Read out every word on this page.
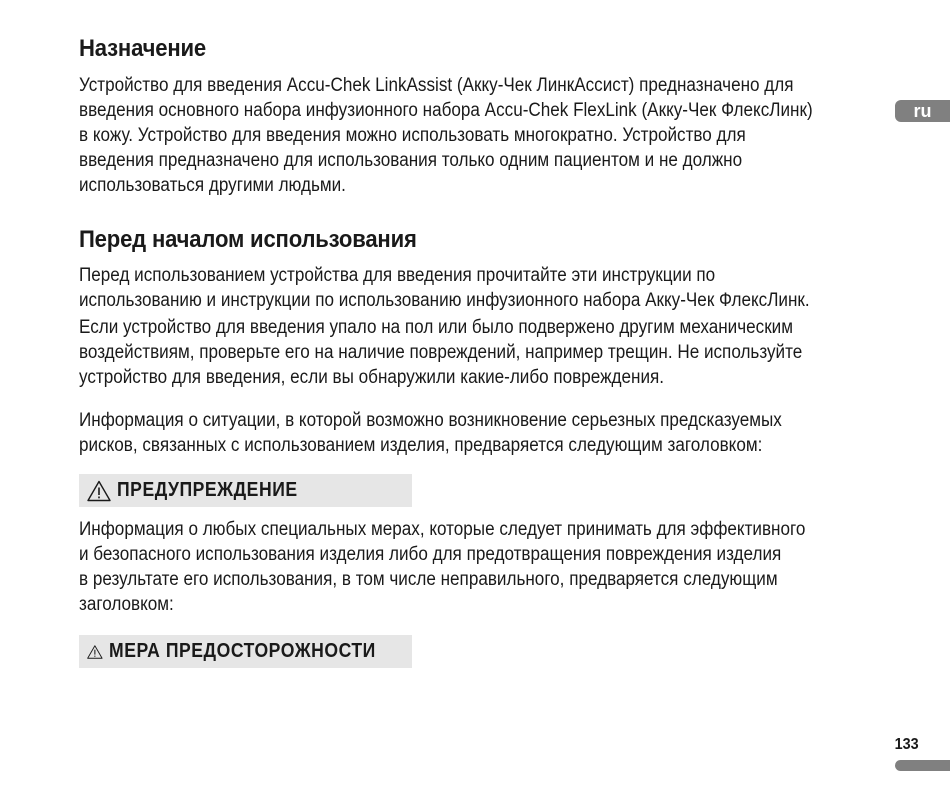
Назначение

Устройство для введения Accu-Chek LinkAssist (Акку-Чек ЛинкАссист) предназначено для
введения основного набора инфузионного набора Accu-Chek FlexLink (Акку-Чек ФлексЛинк)
в кожу. Устройство для введения можно использовать многократно. Устройство для
введения предназначено для использования только одним пациентом и не должно
использоваться другими людьми.

Перед началом использования

Перед использованием устройства для введения прочитайте эти инструкции по
использованию и инструкции по использованию инфузионного набора Акку-Чек ФлексЛинк.

Если устройство для введения упало на пол или было подвержено другим механическим
воздействиям, проверьте его на наличие повреждений, например трещин. Не используйте
устройство для введения, если вы обнаружили какие-либо повреждения.

Информация о ситуации, в которой возможно возникновение серьезных предсказуемых
рисков, связанных с использованием изделия, предваряется следующим заголовком:

ПРЕДУПРЕЖДЕНИЕ

Информация о любых специальных мерах, которые следует принимать для эффективного
и безопасного использования изделия либо для предотвращения повреждения изделия
в результате его использования, в том числе неправильного, предваряется следующим
заголовком:

МЕРА ПРЕДОСТОРОЖНОСТИ
ru
133
